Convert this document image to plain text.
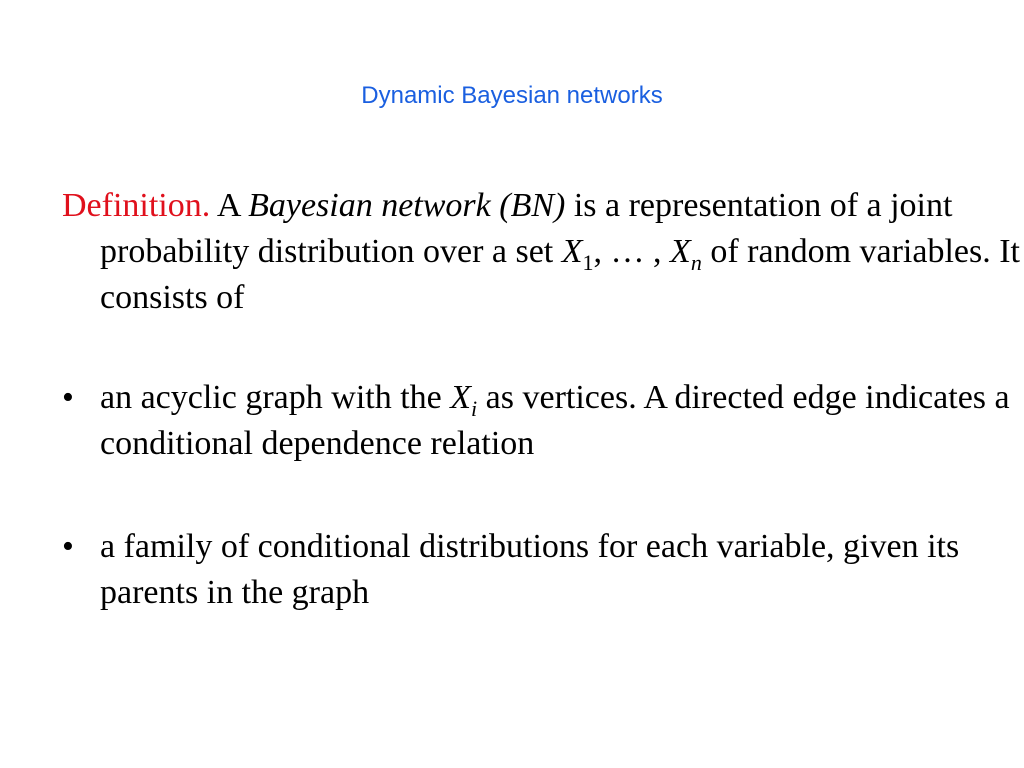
Dynamic Bayesian networks
Definition. A Bayesian network (BN) is a representation of a joint probability distribution over a set $X_1$, … , $X_n$ of random variables. It consists of
• an acyclic graph with the $X_i$ as vertices. A directed edge indicates a conditional dependence relation
• a family of conditional distributions for each variable, given its parents in the graph
